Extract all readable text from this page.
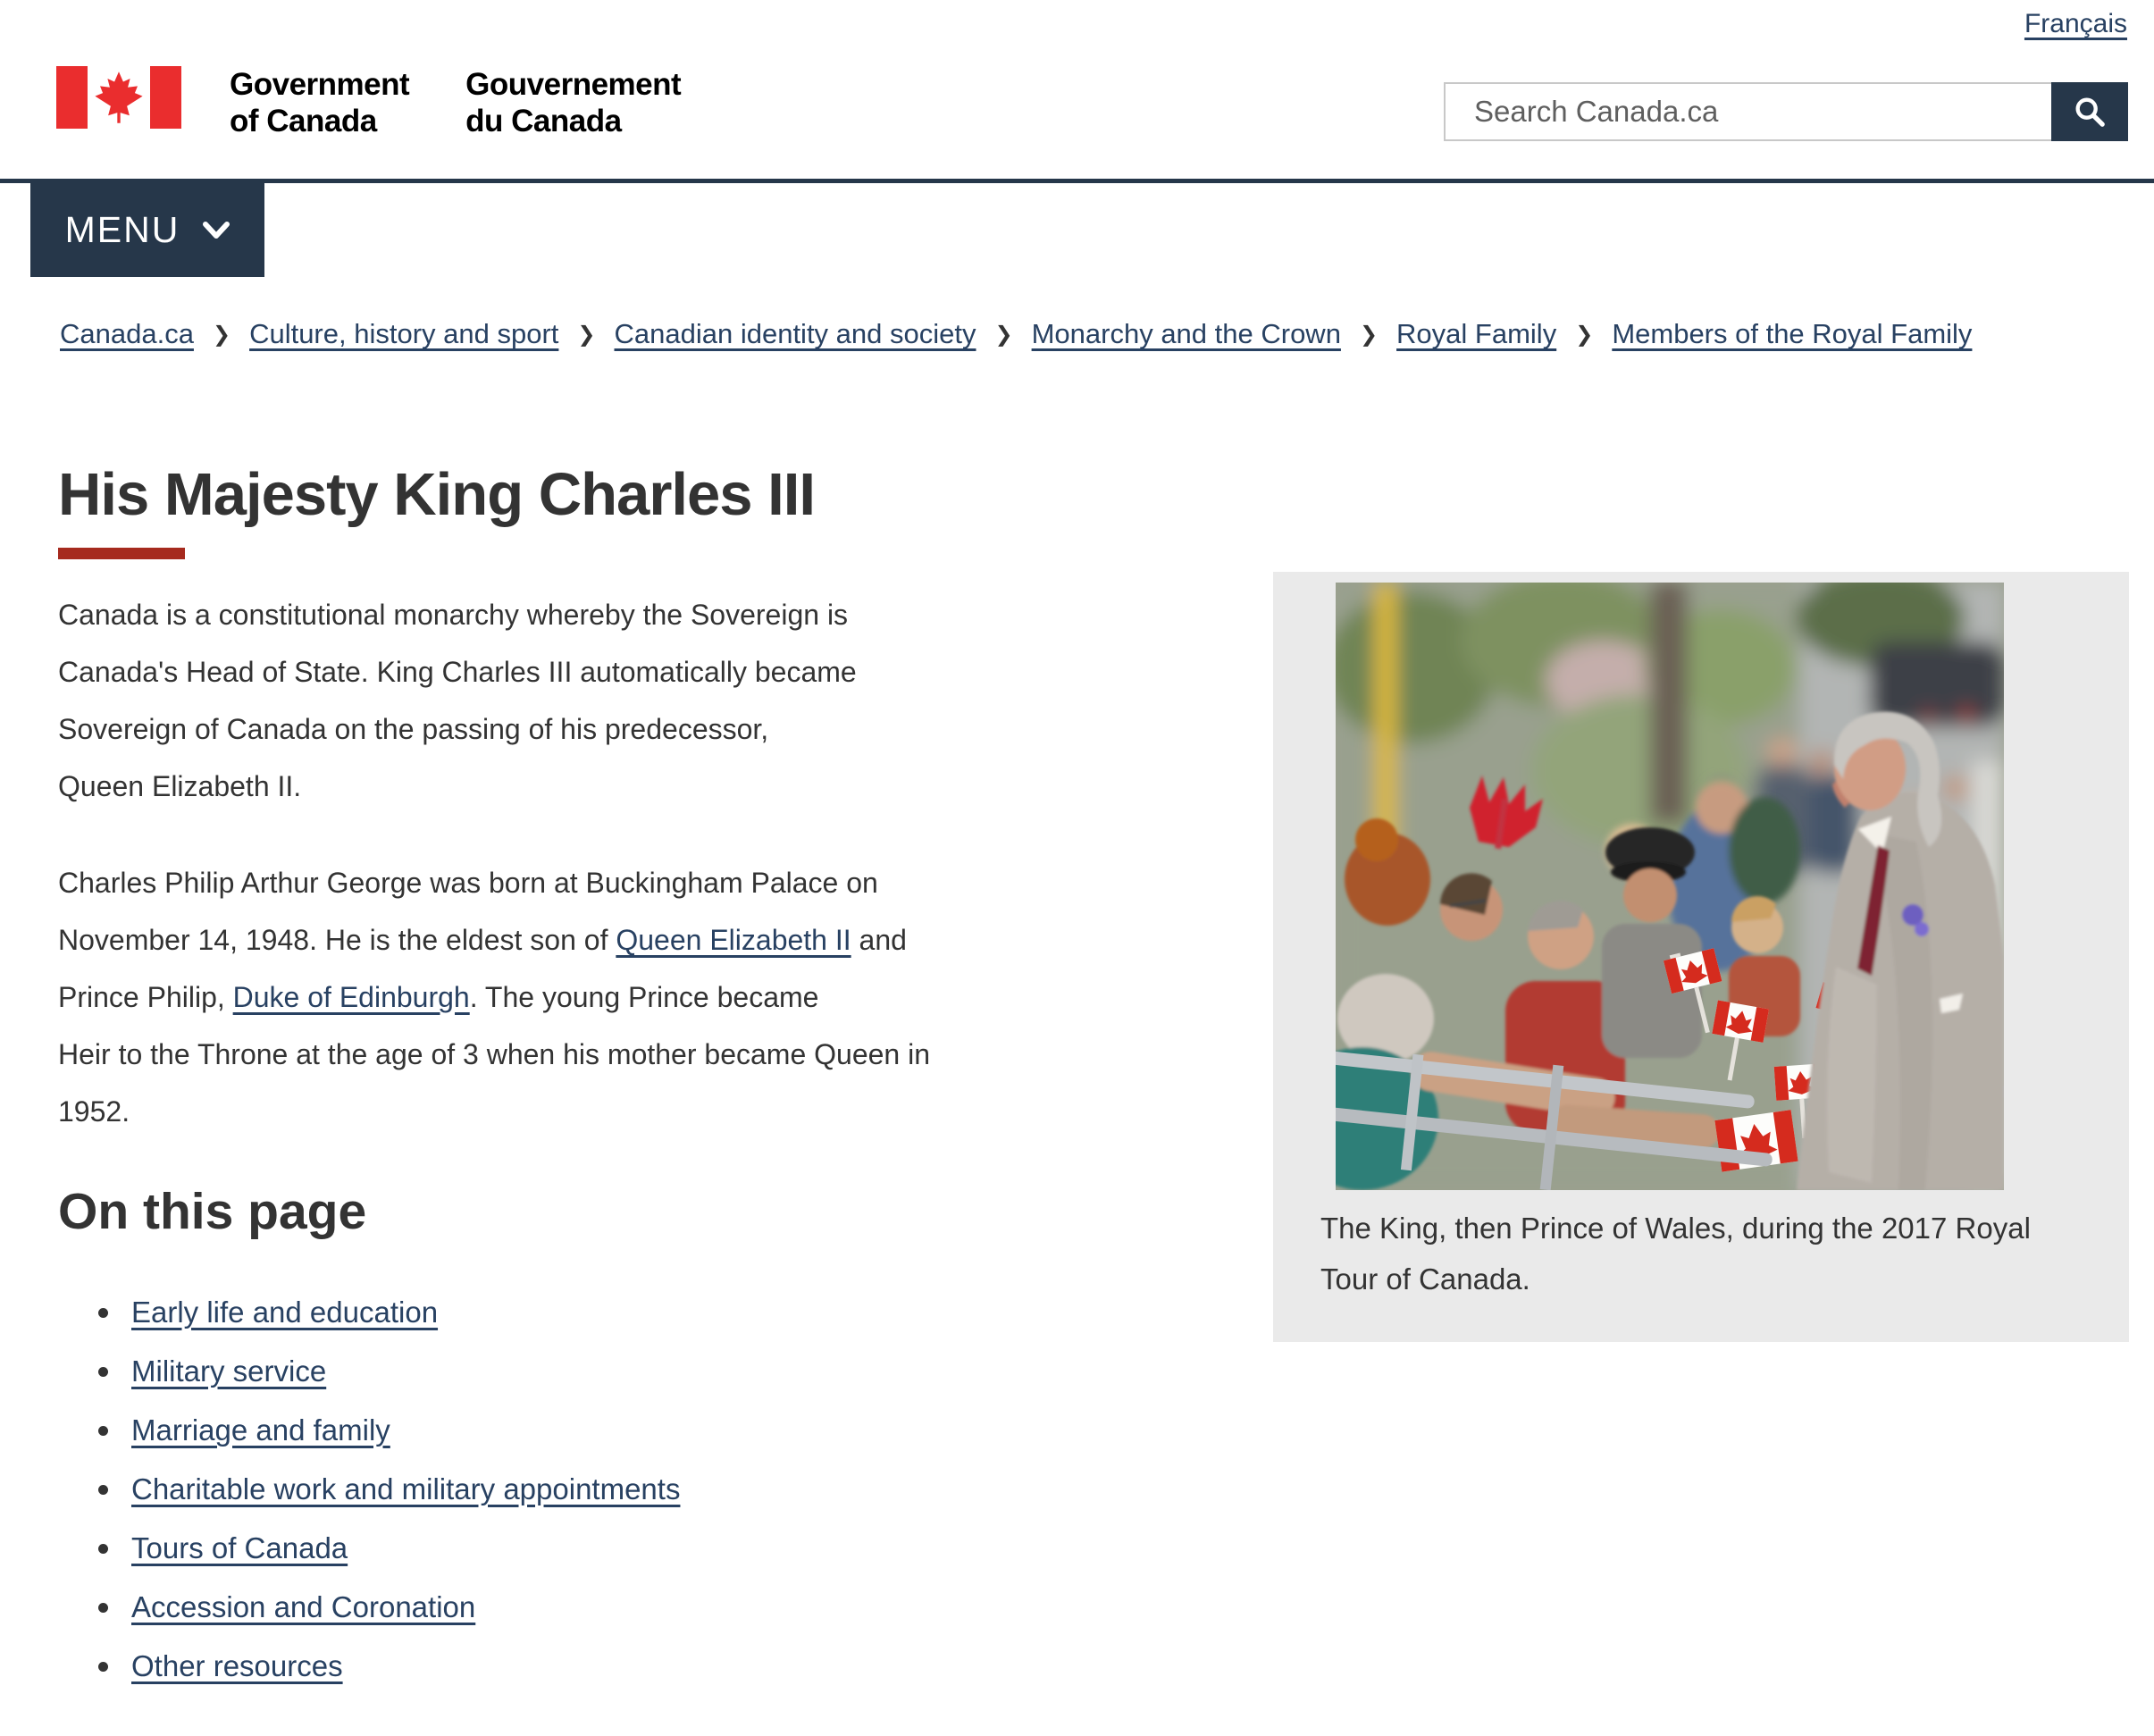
Français
Government
of Canada
Gouvernement
du Canada
Search Canada.ca
MENU
Canada.ca ❯ Culture, history and sport ❯ Canadian identity and society ❯ Monarchy and the Crown ❯ Royal Family ❯ Members of the Royal Family
His Majesty King Charles III

Canada is a constitutional monarchy whereby the Sovereign is
Canada's Head of State. King Charles III automatically became
Sovereign of Canada on the passing of his predecessor,
Queen Elizabeth II.

Charles Philip Arthur George was born at Buckingham Palace on
November 14, 1948. He is the eldest son of Queen Elizabeth II and
Prince Philip, Duke of Edinburgh. The young Prince became
Heir to the Throne at the age of 3 when his mother became Queen in
1952.

On this page
Early life and education
Military service
Marriage and family
Charitable work and military appointments
Tours of Canada
Accession and Coronation
Other resources
The King, then Prince of Wales, during the 2017 Royal Tour of Canada.
